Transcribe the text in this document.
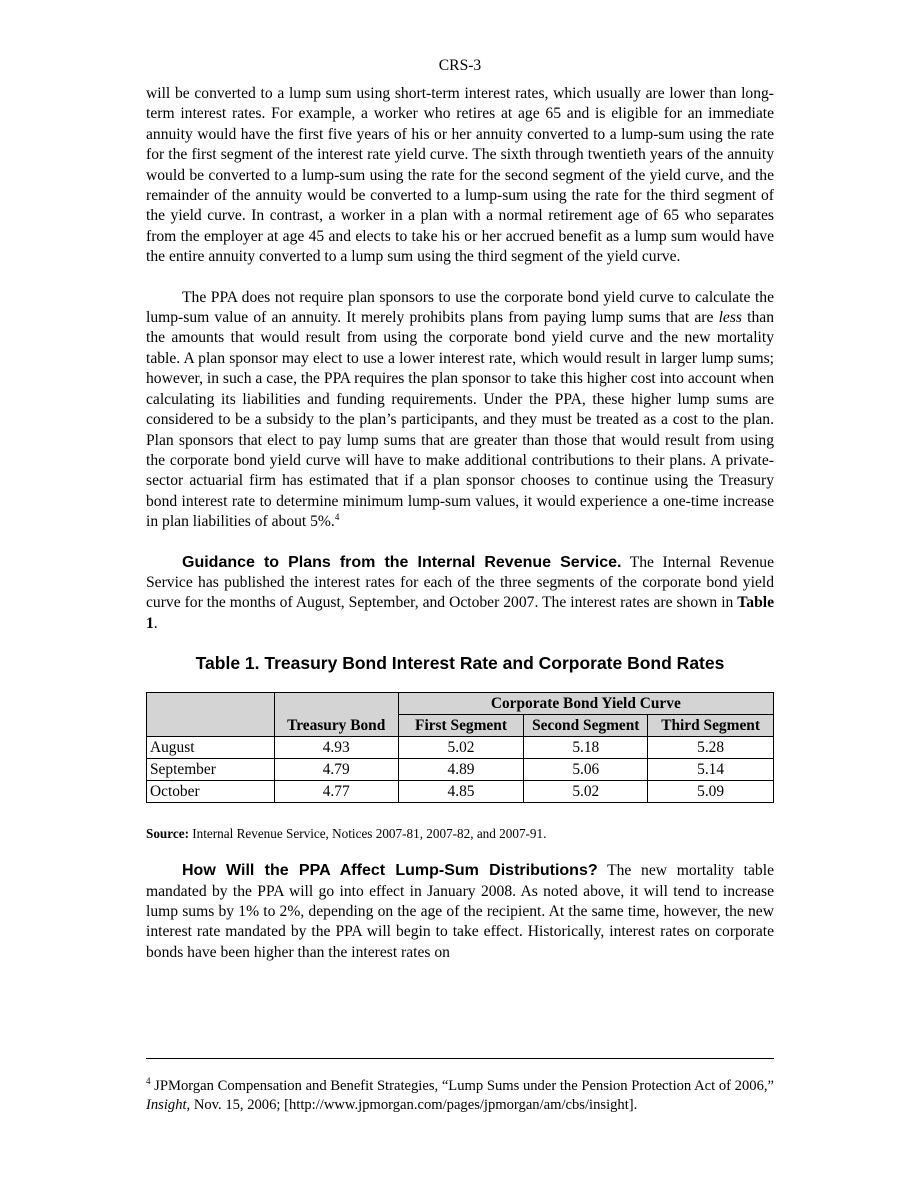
CRS-3

will be converted to a lump sum using short-term interest rates, which usually are lower than long-term interest rates. For example, a worker who retires at age 65 and is eligible for an immediate annuity would have the first five years of his or her annuity converted to a lump-sum using the rate for the first segment of the interest rate yield curve. The sixth through twentieth years of the annuity would be converted to a lump-sum using the rate for the second segment of the yield curve, and the remainder of the annuity would be converted to a lump-sum using the rate for the third segment of the yield curve. In contrast, a worker in a plan with a normal retirement age of 65 who separates from the employer at age 45 and elects to take his or her accrued benefit as a lump sum would have the entire annuity converted to a lump sum using the third segment of the yield curve.

The PPA does not require plan sponsors to use the corporate bond yield curve to calculate the lump-sum value of an annuity. It merely prohibits plans from paying lump sums that are less than the amounts that would result from using the corporate bond yield curve and the new mortality table. A plan sponsor may elect to use a lower interest rate, which would result in larger lump sums; however, in such a case, the PPA requires the plan sponsor to take this higher cost into account when calculating its liabilities and funding requirements. Under the PPA, these higher lump sums are considered to be a subsidy to the plan’s participants, and they must be treated as a cost to the plan. Plan sponsors that elect to pay lump sums that are greater than those that would result from using the corporate bond yield curve will have to make additional contributions to their plans. A private-sector actuarial firm has estimated that if a plan sponsor chooses to continue using the Treasury bond interest rate to determine minimum lump-sum values, it would experience a one-time increase in plan liabilities of about 5%.$^4$

Guidance to Plans from the Internal Revenue Service. The Internal Revenue Service has published the interest rates for each of the three segments of the corporate bond yield curve for the months of August, September, and October 2007. The interest rates are shown in Table 1.

Table 1. Treasury Bond Interest Rate and Corporate Bond Rates
	Treasury Bond	Corporate Bond Yield Curve		
		First Segment	Second Segment	Third Segment
August	4.93	5.02	5.18	5.28
September	4.79	4.89	5.06	5.14
October	4.77	4.85	5.02	5.09
Source: Internal Revenue Service, Notices 2007-81, 2007-82, and 2007-91.

How Will the PPA Affect Lump-Sum Distributions? The new mortality table mandated by the PPA will go into effect in January 2008. As noted above, it will tend to increase lump sums by 1% to 2%, depending on the age of the recipient. At the same time, however, the new interest rate mandated by the PPA will begin to take effect. Historically, interest rates on corporate bonds have been higher than the interest rates on

$^4$ JPMorgan Compensation and Benefit Strategies, “Lump Sums under the Pension Protection Act of 2006,” Insight, Nov. 15, 2006; [http://www.jpmorgan.com/pages/jpmorgan/am/cbs/insight].
